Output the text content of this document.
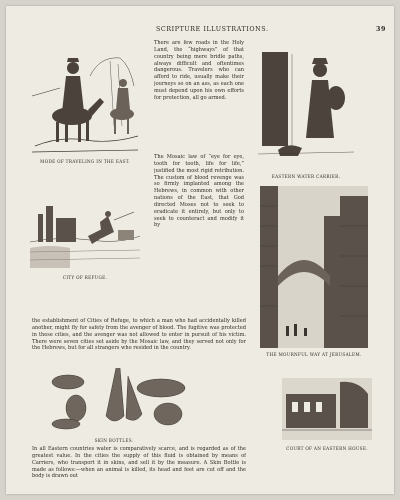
SCRIPTURE ILLUSTRATIONS.	39
MODE OF TRAVELING IN THE EAST.
There are few roads in the Holy Land, the “highways” of that country being mere bridle paths, always difficult and oftentimes dangerous. Travelers who can afford to ride, usually make their journeys so on an ass, as each one must depend upon his own efforts for protection, all go armed.
The Mosaic law of “eye for eye, tooth for tooth, life for life,” justified the most rigid retribution. The custom of blood revenge was so firmly implanted among the Hebrews, in common with other nations of the East, that God directed Moses not to seek to eradicate it entirely, but only to seek to counteract and modify it by
CITY OF REFUGE.
the establishment of Cities of Refuge, to which a man who had accidentally killed another, might fly for safety from the avenger of blood. The fugitive was protected in these cities, and the avenger was not allowed to enter in pursuit of his victim. There were seven cities set aside by the Mosaic law, and they served not only for the Hebrews, but for all strangers who resided in the country.
SKIN BOTTLES.
In all Eastern countries water is comparatively scarce, and is regarded as of the greatest value. In the cities the supply of this fluid is obtained by means of Carriers, who transport it in skins, and sell it by the measure. A Skin Bottle is made as follows:—when an animal is killed, its head and feet are cut off and the body is drawn out
EASTERN WATER CARRIER.
THE MOURNFUL WAY AT JERUSALEM.
COURT OF AN EASTERN HOUSE.
